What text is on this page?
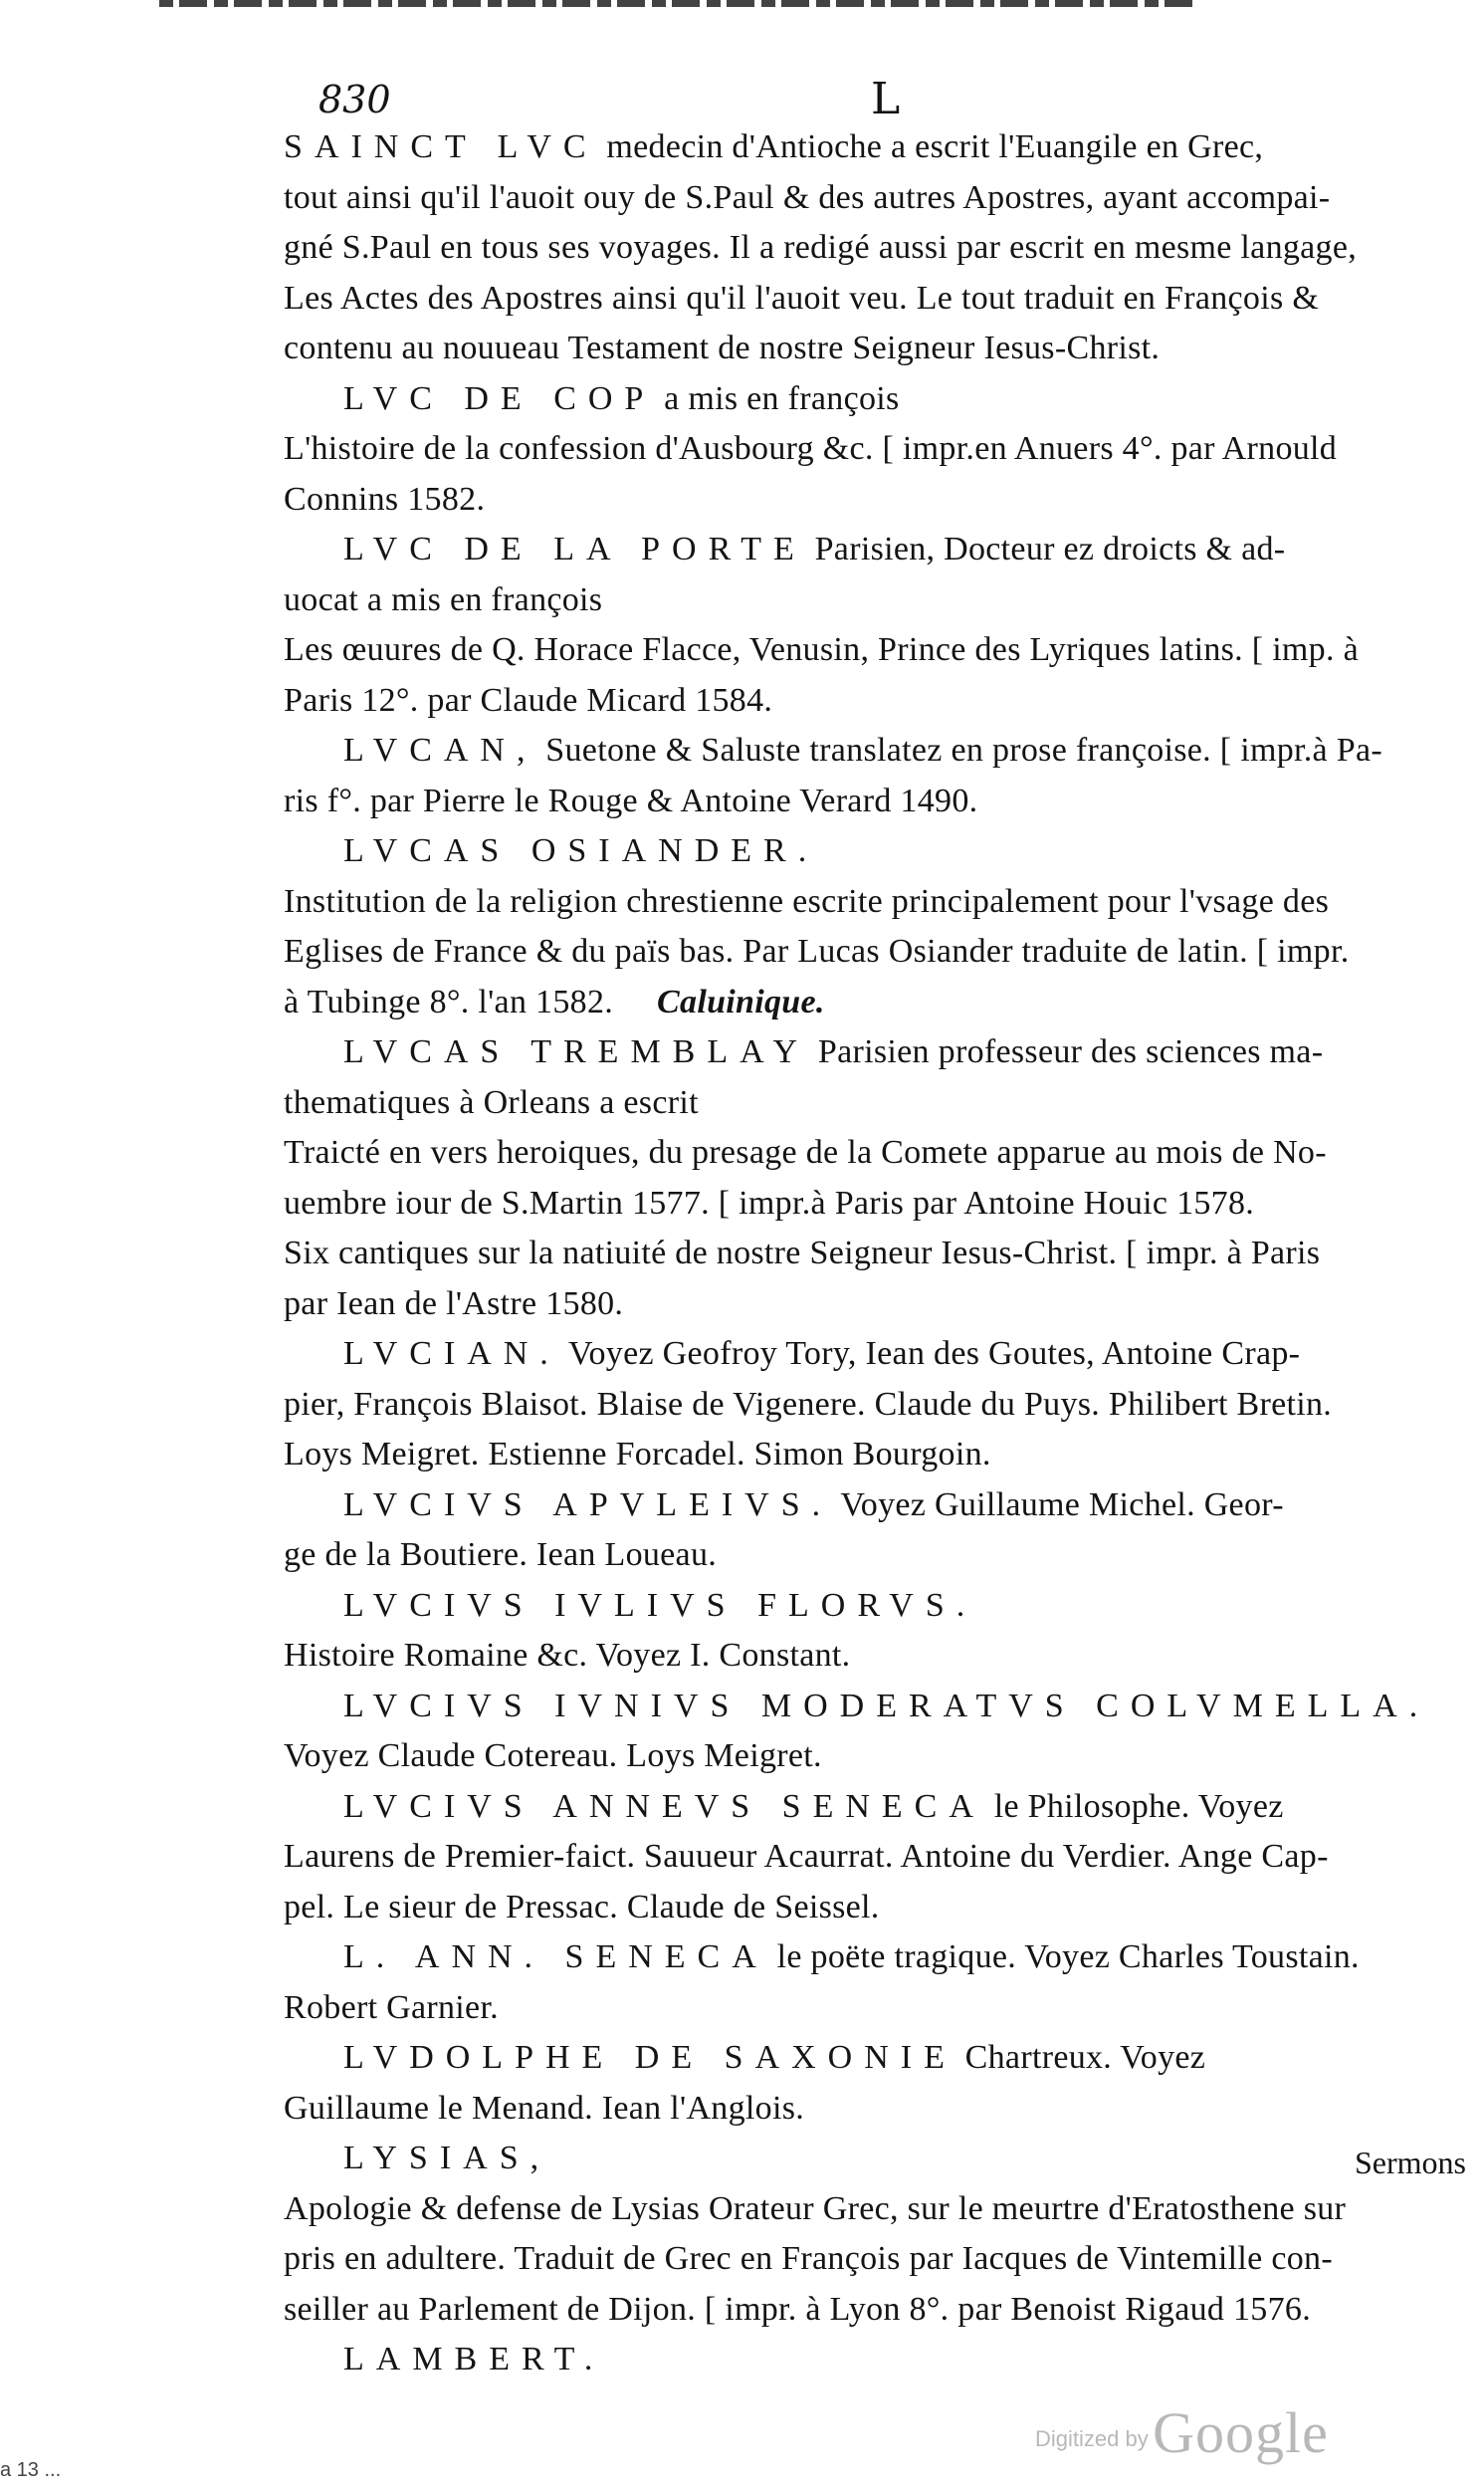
830	L
SAINCT LVC medecin d'Antioche a escrit l'Euangile en Grec,
tout ainsi qu'il l'auoit ouy de S.Paul & des autres Apostres, ayant accompai-
gné S.Paul en tous ses voyages. Il a redigé aussi par escrit en mesme langage,
Les Actes des Apostres ainsi qu'il l'auoit veu. Le tout traduit en François &
contenu au nouueau Testament de nostre Seigneur Iesus-Christ.
LVC DE COP a mis en françois
L'histoire de la confession d'Ausbourg &c. [ impr.en Anuers 4°. par Arnould
Connins 1582.
LVC DE LA PORTE Parisien, Docteur ez droicts & ad-
uocat a mis en françois
Les œuures de Q. Horace Flacce, Venusin, Prince des Lyriques latins. [ imp. à
Paris 12°. par Claude Micard 1584.
LVCAN, Suetone & Saluste translatez en prose françoise. [ impr.à Pa-
ris f°. par Pierre le Rouge & Antoine Verard 1490.
LVCAS OSIANDER.
Institution de la religion chrestienne escrite principalement pour l'vsage des
Eglises de France & du païs bas. Par Lucas Osiander traduite de latin. [ impr.
à Tubinge 8°. l'an 1582. Caluinique.
LVCAS TREMBLAY Parisien professeur des sciences ma-
thematiques à Orleans a escrit
Traicté en vers heroiques, du presage de la Comete apparue au mois de No-
uembre iour de S.Martin 1577. [ impr.à Paris par Antoine Houic 1578.
Six cantiques sur la natiuité de nostre Seigneur Iesus-Christ. [ impr. à Paris
par Iean de l'Astre 1580.
LVCIAN. Voyez Geofroy Tory, Iean des Goutes, Antoine Crap-
pier, François Blaisot. Blaise de Vigenere. Claude du Puys. Philibert Bretin.
Loys Meigret. Estienne Forcadel. Simon Bourgoin.
LVCIVS APVLEIVS. Voyez Guillaume Michel. Geor-
ge de la Boutiere. Iean Loueau.
LVCIVS IVLIVS FLORVS.
Histoire Romaine &c. Voyez I. Constant.
LVCIVS IVNIVS MODERATVS COLVMELLA.
Voyez Claude Cotereau. Loys Meigret.
LVCIVS ANNEVS SENECA le Philosophe. Voyez
Laurens de Premier-faict. Sauueur Acaurrat. Antoine du Verdier. Ange Cap-
pel. Le sieur de Pressac. Claude de Seissel.
L. ANN. SENECA le poëte tragique. Voyez Charles Toustain.
Robert Garnier.
LVDOLPHE DE SAXONIE Chartreux. Voyez
Guillaume le Menand. Iean l'Anglois.
LYSIAS,
Apologie & defense de Lysias Orateur Grec, sur le meurtre d'Eratosthene sur
pris en adultere. Traduit de Grec en François par Iacques de Vintemille con-
seiller au Parlement de Dijon. [ impr. à Lyon 8°. par Benoist Rigaud 1576.
LAMBERT.
Sermons
Digitized by Google
a 13 ...
